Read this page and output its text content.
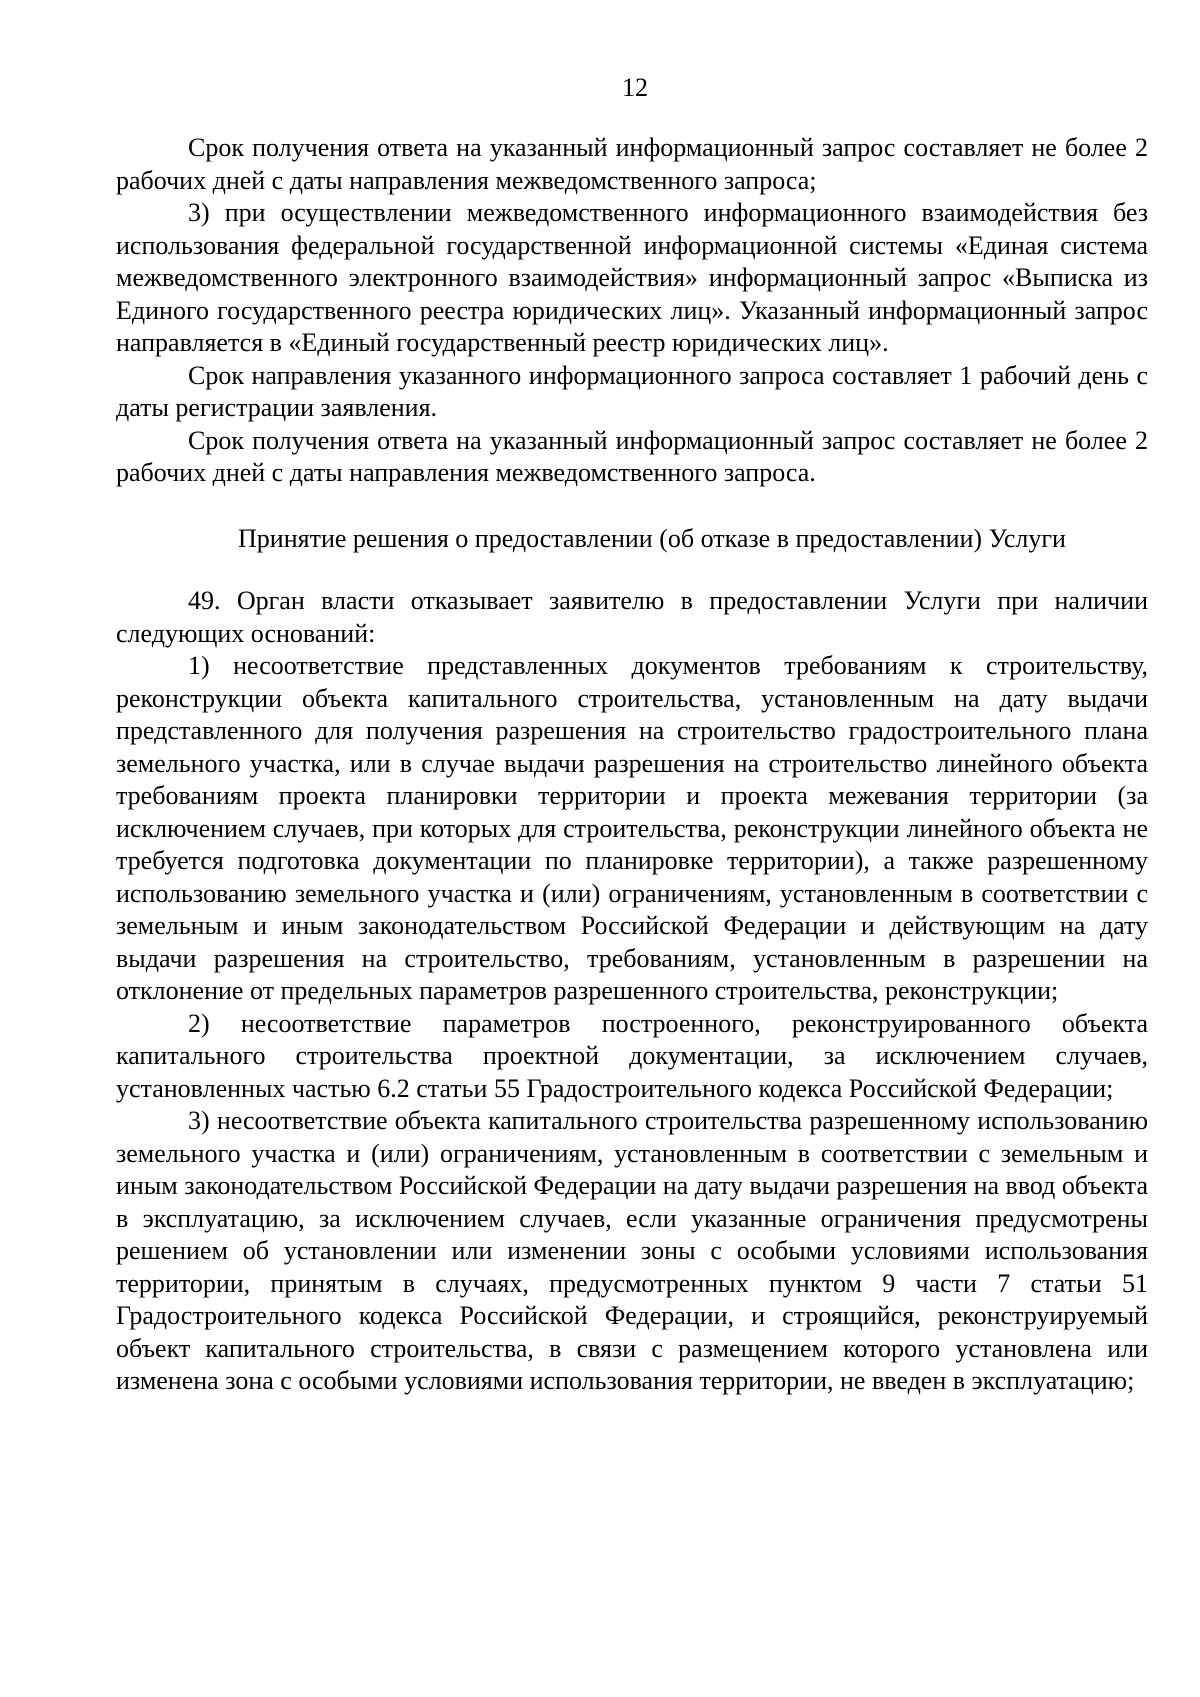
12

Срок получения ответа на указанный информационный запрос составляет не более 2 рабочих дней с даты направления межведомственного запроса;

3) при осуществлении межведомственного информационного взаимодействия без использования федеральной государственной информационной системы «Единая система межведомственного электронного взаимодействия» информационный запрос «Выписка из Единого государственного реестра юридических лиц». Указанный информационный запрос направляется в «Единый государственный реестр юридических лиц».

Срок направления указанного информационного запроса составляет 1 рабочий день с даты регистрации заявления.

Срок получения ответа на указанный информационный запрос составляет не более 2 рабочих дней с даты направления межведомственного запроса.

Принятие решения о предоставлении (об отказе в предоставлении) Услуги

49. Орган власти отказывает заявителю в предоставлении Услуги при наличии следующих оснований:

1) несоответствие представленных документов требованиям к строительству, реконструкции объекта капитального строительства, установленным на дату выдачи представленного для получения разрешения на строительство градостроительного плана земельного участка, или в случае выдачи разрешения на строительство линейного объекта требованиям проекта планировки территории и проекта межевания территории (за исключением случаев, при которых для строительства, реконструкции линейного объекта не требуется подготовка документации по планировке территории), а также разрешенному использованию земельного участка и (или) ограничениям, установленным в соответствии с земельным и иным законодательством Российской Федерации и действующим на дату выдачи разрешения на строительство, требованиям, установленным в разрешении на отклонение от предельных параметров разрешенного строительства, реконструкции;

2) несоответствие параметров построенного, реконструированного объекта капитального строительства проектной документации, за исключением случаев, установленных частью 6.2 статьи 55 Градостроительного кодекса Российской Федерации;

3) несоответствие объекта капитального строительства разрешенному использованию земельного участка и (или) ограничениям, установленным в соответствии с земельным и иным законодательством Российской Федерации на дату выдачи разрешения на ввод объекта в эксплуатацию, за исключением случаев, если указанные ограничения предусмотрены решением об установлении или изменении зоны с особыми условиями использования территории, принятым в случаях, предусмотренных пунктом 9 части 7 статьи 51 Градостроительного кодекса Российской Федерации, и строящийся, реконструируемый объект капитального строительства, в связи с размещением которого установлена или изменена зона с особыми условиями использования территории, не введен в эксплуатацию;
